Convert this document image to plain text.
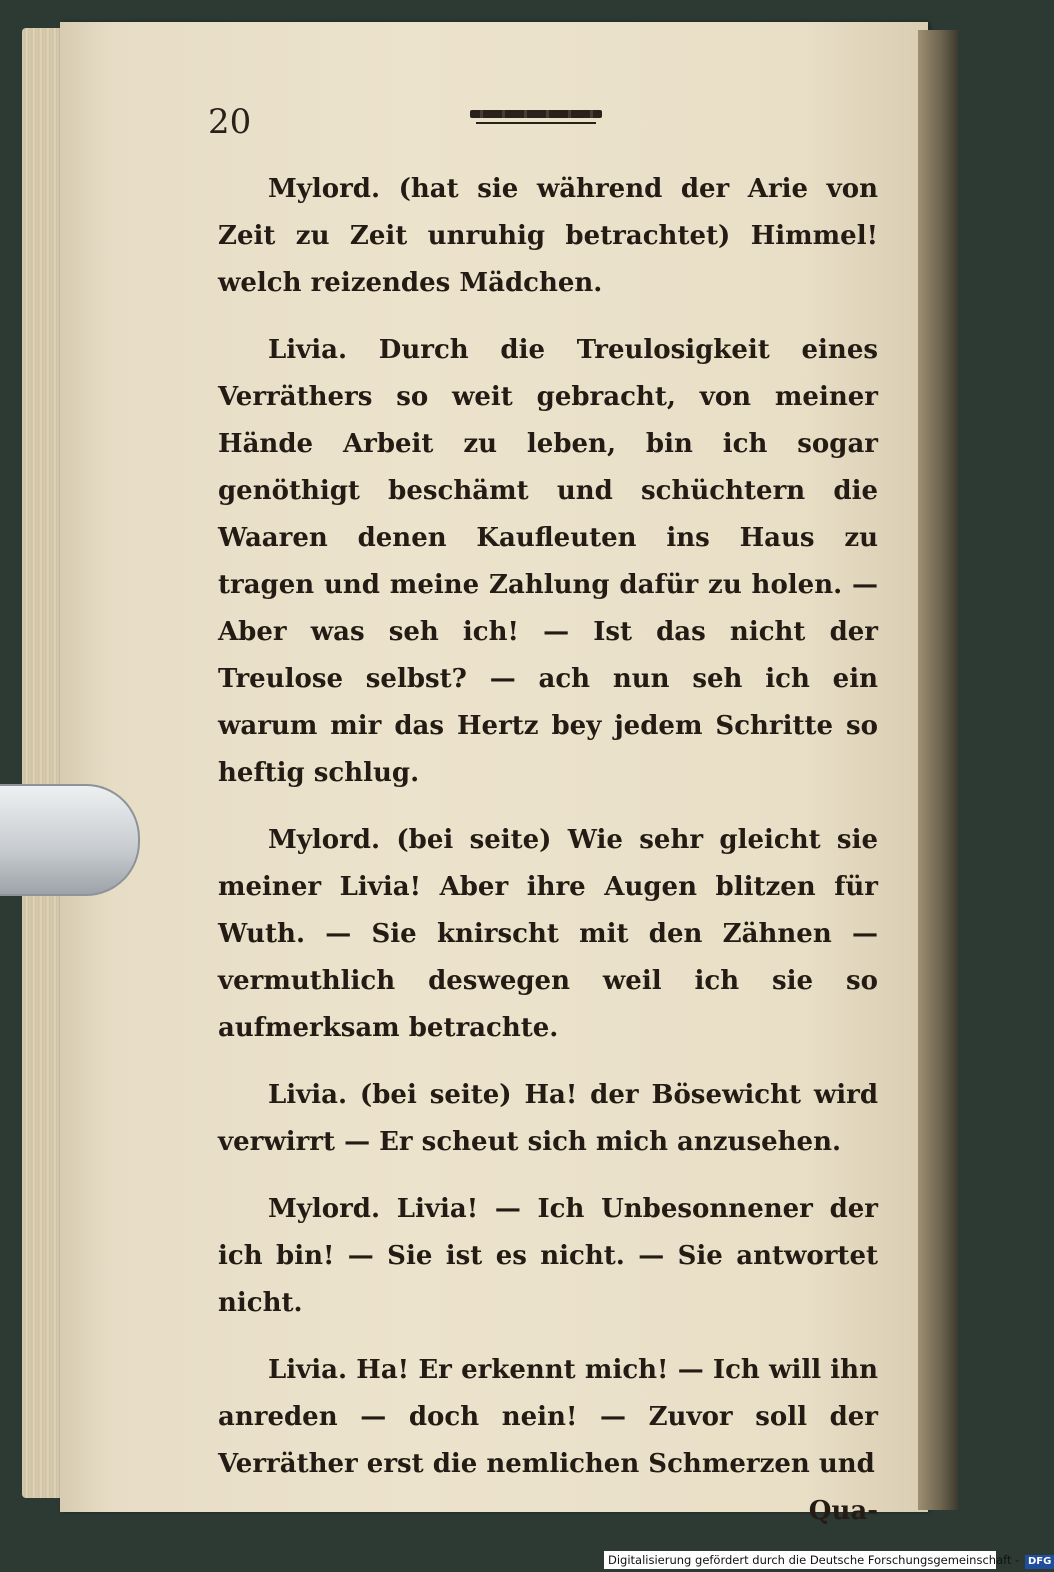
20

Mylord. (hat sie während der Arie von Zeit zu Zeit unruhig betrachtet) Himmel! welch reizendes Mädchen.

Livia. Durch die Treulosigkeit eines Verräthers so weit gebracht, von meiner Hände Arbeit zu leben, bin ich sogar genöthigt beschämt und schüchtern die Waaren denen Kaufleuten ins Haus zu tragen und meine Zahlung dafür zu holen. — Aber was seh ich! — Ist das nicht der Treulose selbst? — ach nun seh ich ein warum mir das Hertz bey jedem Schritte so heftig schlug.

Mylord. (bei seite) Wie sehr gleicht sie meiner Livia! Aber ihre Augen blitzen für Wuth. — Sie knirscht mit den Zähnen — vermuthlich deswegen weil ich sie so aufmerksam betrachte.

Livia. (bei seite) Ha! der Bösewicht wird verwirrt — Er scheut sich mich anzusehen.

Mylord. Livia! — Ich Unbesonnener der ich bin! — Sie ist es nicht. — Sie antwortet nicht.

Livia. Ha! Er erkennt mich! — Ich will ihn anreden — doch nein! — Zuvor soll der Verräther erst die nemlichen Schmerzen und

Qua-

Digitalisierung gefördert durch die Deutsche Forschungsgemeinschaft - DFG
